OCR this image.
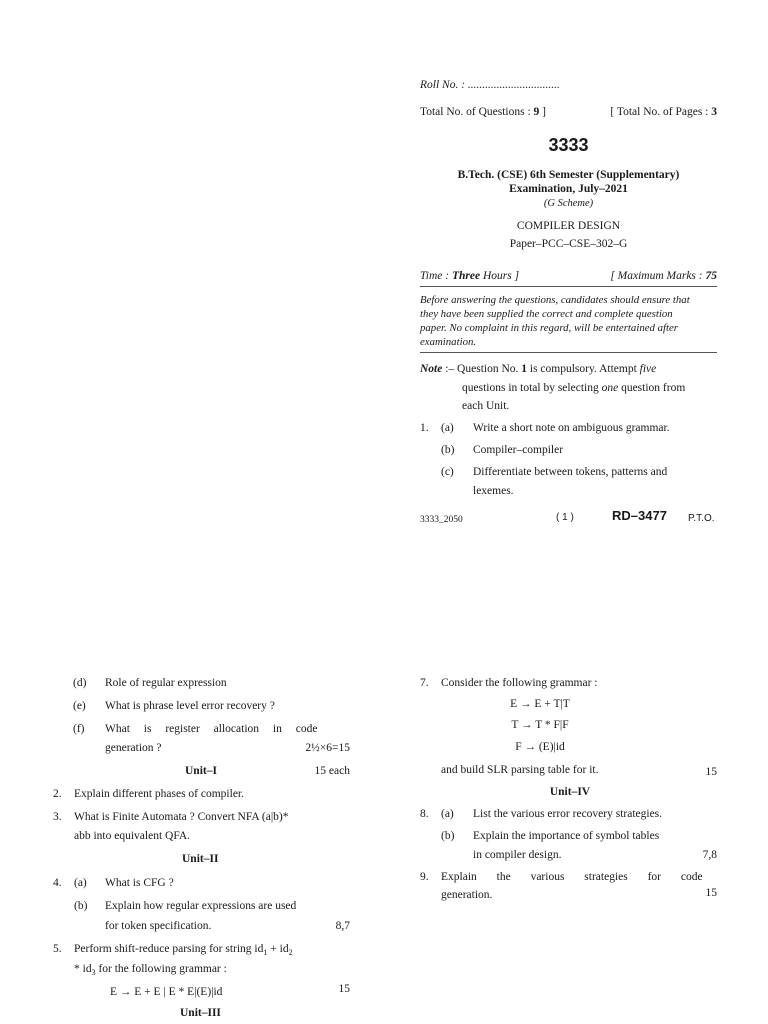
Roll No. : ................................
Total No. of Questions : 9 ]	[ Total No. of Pages : 3
3333
B.Tech. (CSE) 6th Semester (Supplementary)
Examination, July–2021
(G Scheme)
COMPILER DESIGN
Paper–PCC–CSE–302–G
Time : Three Hours ]	[ Maximum Marks : 75
Before answering the questions, candidates should ensure that
they have been supplied the correct and complete question
paper. No complaint in this regard, will be entertained after
examination.
Note :– Question No. 1 is compulsory. Attempt five
questions in total by selecting one question from
each Unit.
1. (a) Write a short note on ambiguous grammar.
(b) Compiler–compiler
(c) Differentiate between tokens, patterns and
lexemes.
3333_2050	( 1 )	RD–3477 P.T.O.
(d) Role of regular expression
(e) What is phrase level error recovery ?
(f) What is register allocation in code
generation ?	2½×6=15
Unit–I	15 each
2. Explain different phases of compiler.
3. What is Finite Automata ? Convert NFA (a|b)*
abb into equivalent QFA.
Unit–II
4. (a) What is CFG ?
(b) Explain how regular expressions are used
for token specification.	8,7
5. Perform shift-reduce parsing for string $id_1 + id_2$
* $id_3$ for the following grammar :
E → E + E | E * E|(E)|id	15
Unit–III
7. Consider the following grammar :
E → E + T|T
T → T * F|F
F → (E)|id
and build SLR parsing table for it.	15
Unit–IV
8. (a) List the various error recovery strategies.
(b) Explain the importance of symbol tables
in compiler design.	7,8
9. Explain the various strategies for code
generation.	15
